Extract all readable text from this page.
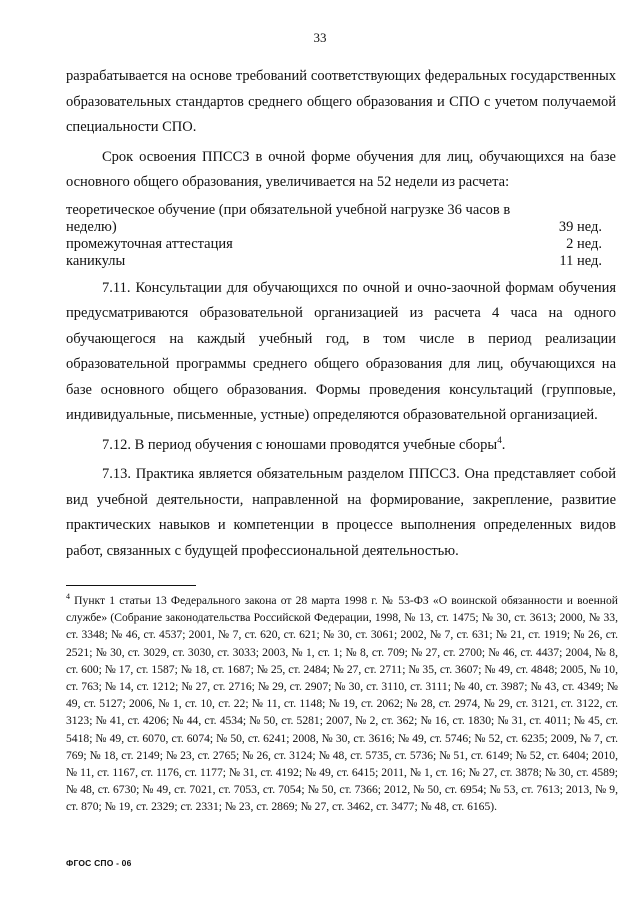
33

разрабатывается на основе требований соответствующих федеральных государственных образовательных стандартов среднего общего образования и СПО с учетом получаемой специальности СПО.

Срок освоения ППССЗ в очной форме обучения для лиц, обучающихся на базе основного общего образования, увеличивается на 52 недели из расчета:

теоретическое обучение (при обязательной учебной нагрузке 36 часов в неделю)	39 нед.
промежуточная аттестация	2 нед.
каникулы	11 нед.

7.11. Консультации для обучающихся по очной и очно-заочной формам обучения предусматриваются образовательной организацией из расчета 4 часа на одного обучающегося на каждый учебный год, в том числе в период реализации образовательной программы среднего общего образования для лиц, обучающихся на базе основного общего образования. Формы проведения консультаций (групповые, индивидуальные, письменные, устные) определяются образовательной организацией.

7.12. В период обучения с юношами проводятся учебные сборы$^4$.

7.13. Практика является обязательным разделом ППССЗ. Она представляет собой вид учебной деятельности, направленной на формирование, закрепление, развитие практических навыков и компетенции в процессе выполнения определенных видов работ, связанных с будущей профессиональной деятельностью.

$^4$ Пункт 1 статьи 13 Федерального закона от 28 марта 1998 г. № 53-ФЗ «О воинской обязанности и военной службе» (Собрание законодательства Российской Федерации, 1998, № 13, ст. 1475; № 30, ст. 3613; 2000, № 33, ст. 3348; № 46, ст. 4537; 2001, № 7, ст. 620, ст. 621; № 30, ст. 3061; 2002, № 7, ст. 631; № 21, ст. 1919; № 26, ст. 2521; № 30, ст. 3029, ст. 3030, ст. 3033; 2003, № 1, ст. 1; № 8, ст. 709; № 27, ст. 2700; № 46, ст. 4437; 2004, № 8, ст. 600; № 17, ст. 1587; № 18, ст. 1687; № 25, ст. 2484; № 27, ст. 2711; № 35, ст. 3607; № 49, ст. 4848; 2005, № 10, ст. 763; № 14, ст. 1212; № 27, ст. 2716; № 29, ст. 2907; № 30, ст. 3110, ст. 3111; № 40, ст. 3987; № 43, ст. 4349; № 49, ст. 5127; 2006, № 1, ст. 10, ст. 22; № 11, ст. 1148; № 19, ст. 2062; № 28, ст. 2974, № 29, ст. 3121, ст. 3122, ст. 3123; № 41, ст. 4206; № 44, ст. 4534; № 50, ст. 5281; 2007, № 2, ст. 362; № 16, ст. 1830; № 31, ст. 4011; № 45, ст. 5418; № 49, ст. 6070, ст. 6074; № 50, ст. 6241; 2008, № 30, ст. 3616; № 49, ст. 5746; № 52, ст. 6235; 2009, № 7, ст. 769; № 18, ст. 2149; № 23, ст. 2765; № 26, ст. 3124; № 48, ст. 5735, ст. 5736; № 51, ст. 6149; № 52, ст. 6404; 2010, № 11, ст. 1167, ст. 1176, ст. 1177; № 31, ст. 4192; № 49, ст. 6415; 2011, № 1, ст. 16; № 27, ст. 3878; № 30, ст. 4589; № 48, ст. 6730; № 49, ст. 7021, ст. 7053, ст. 7054; № 50, ст. 7366; 2012, № 50, ст. 6954; № 53, ст. 7613; 2013, № 9, ст. 870; № 19, ст. 2329; ст. 2331; № 23, ст. 2869; № 27, ст. 3462, ст. 3477; № 48, ст. 6165).
ФГОС СПО - 06
